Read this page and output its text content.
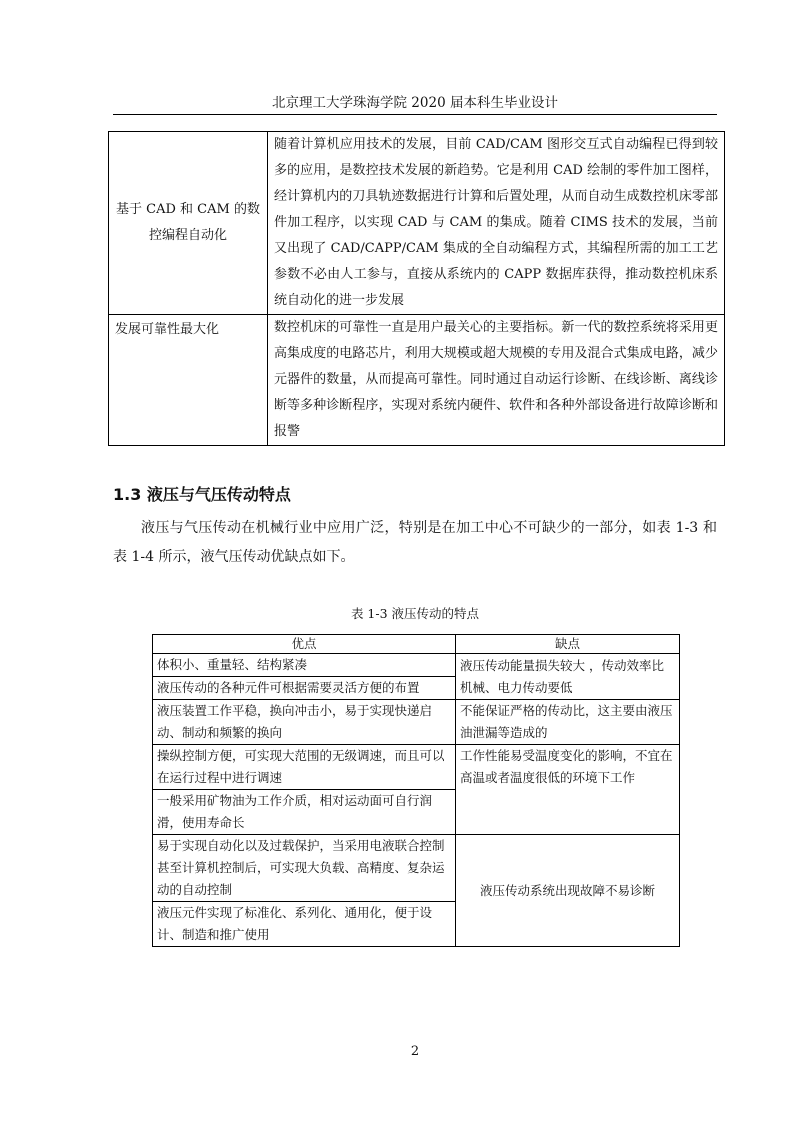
北京理工大学珠海学院 2020 届本科生毕业设计
基于 CAD 和 CAM 的数控编程自动化	随着计算机应用技术的发展，目前 CAD/CAM 图形交互式自动编程已得到较多的应用，是数控技术发展的新趋势。它是利用 CAD 绘制的零件加工图样，经计算机内的刀具轨迹数据进行计算和后置处理，从而自动生成数控机床零部件加工程序，以实现 CAD 与 CAM 的集成。随着 CIMS 技术的发展，当前又出现了 CAD/CAPP/CAM 集成的全自动编程方式，其编程所需的加工工艺参数不必由人工参与，直接从系统内的 CAPP 数据库获得，推动数控机床系统自动化的进一步发展
发展可靠性最大化	数控机床的可靠性一直是用户最关心的主要指标。新一代的数控系统将采用更高集成度的电路芯片，利用大规模或超大规模的专用及混合式集成电路，减少元器件的数量，从而提高可靠性。同时通过自动运行诊断、在线诊断、离线诊断等多种诊断程序，实现对系统内硬件、软件和各种外部设备进行故障诊断和报警
1.3 液压与气压传动特点

液压与气压传动在机械行业中应用广泛，特别是在加工中心不可缺少的一部分，如表 1-3 和表 1-4 所示，液气压传动优缺点如下。

表 1-3 液压传动的特点
优点	缺点
体积小、重量轻、结构紧凑	液压传动能量损失较大 ，传动效率比机械、电力传动要低
液压传动的各种元件可根据需要灵活方便的布置	
液压装置工作平稳，换向冲击小，易于实现快递启动、制动和频繁的换向	不能保证严格的传动比，这主要由液压油泄漏等造成的
操纵控制方便，可实现大范围的无级调速，而且可以在运行过程中进行调速	工作性能易受温度变化的影响，不宜在高温或者温度很低的环境下工作
一般采用矿物油为工作介质，相对运动面可自行润滑，使用寿命长	
易于实现自动化以及过载保护，当采用电液联合控制甚至计算机控制后，可实现大负载、高精度、复杂运动的自动控制	液压传动系统出现故障不易诊断
液压元件实现了标准化、系列化、通用化，便于设计、制造和推广使用	
2
